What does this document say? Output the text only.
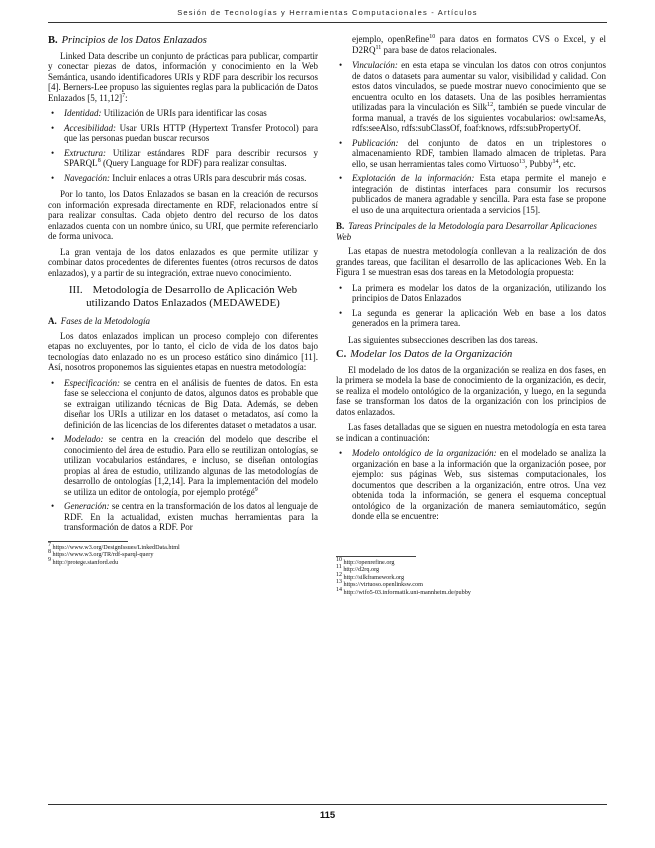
Sesión de Tecnologías y Herramientas Computacionales - Artículos
B. Principios de los Datos Enlazados

Linked Data describe un conjunto de prácticas para publicar, compartir y conectar piezas de datos, información y conocimiento en la Web Semántica, usando identificadores URIs y RDF para describir los recursos [4]. Berners-Lee propuso las siguientes reglas para la publicación de Datos Enlazados [5, 11,12]$^7$:

• Identidad: Utilización de URIs para identificar las cosas
• Accesibilidad: Usar URIs HTTP (Hypertext Transfer Protocol) para que las personas puedan buscar recursos
• Extructura: Utilizar estándares RDF para describir recursos y SPARQL$^8$ (Query Language for RDF) para realizar consultas.
• Navegación: Incluir enlaces a otras URIs para descubrir más cosas.

Por lo tanto, los Datos Enlazados se basan en la creación de recursos con información expresada directamente en RDF, relacionados entre sí para realizar consultas. Cada objeto dentro del recurso de los datos enlazados cuenta con un nombre único, su URI, que permite referenciarlo de forma univoca.

La gran ventaja de los datos enlazados es que permite utilizar y combinar datos procedentes de diferentes fuentes (otros recursos de datos enlazados), y a partir de su integración, extrae nuevo conocimiento.

III. Metodología de Desarrollo de Aplicación Web utilizando Datos Enlazados (MEDAWEDE)
A. Fases de la Metodología

Los datos enlazados implican un proceso complejo con diferentes etapas no excluyentes, por lo tanto, el ciclo de vida de los datos bajo tecnologías dato enlazado no es un proceso estático sino dinámico [11]. Así, nosotros proponemos las siguientes etapas en nuestra metodología:

• Especificación: se centra en el análisis de fuentes de datos. En esta fase se selecciona el conjunto de datos, algunos datos es probable que se extraigan utilizando técnicas de Big Data. Además, se deben diseñar los URIs a utilizar en los dataset o metadatos, así como la definición de las licencias de los diferentes dataset o metadatos a usar.
• Modelado: se centra en la creación del modelo que describe el conocimiento del área de estudio. Para ello se reutilizan ontologías, se utilizan vocabularios estándares, e incluso, se diseñan ontologías propias al área de estudio, utilizando algunas de las metodologías de desarrollo de ontologías [1,2,14]. Para la implementación del modelo se utiliza un editor de ontología, por ejemplo protégé$^9$
• Generación: se centra en la transformación de los datos al lenguaje de RDF. En la actualidad, existen muchas herramientas para la transformación de datos a RDF. Por
$^7$ https://www.w3.org/DesignIssues/LinkedData.html
$^8$ https://www.w3.org/TR/rdf-sparql-query
$^9$ http://protege.stanford.edu

ejemplo, openRefine$^{10}$ para datos en formatos CVS o Excel, y el D2RQ$^{11}$ para base de datos relacionales.

• Vinculación: en esta etapa se vinculan los datos con otros conjuntos de datos o datasets para aumentar su valor, visibilidad y calidad. Con estos datos vinculados, se puede mostrar nuevo conocimiento que se encuentra oculto en los datasets. Una de las posibles herramientas utilizadas para la vinculación es Silk$^{12}$, también se puede vincular de forma manual, a través de los siguientes vocabularios: owl:sameAs, rdfs:seeAlso, rdfs:subClassOf, foaf:knows, rdfs:subPropertyOf.
• Publicación: del conjunto de datos en un triplestores o almacenamiento RDF, tambien llamado almacen de tripletas. Para ello, se usan herramientas tales como Virtuoso$^{13}$, Pubby$^{14}$, etc.
• Explotación de la información: Esta etapa permite el manejo e integración de distintas interfaces para consumir los recursos publicados de manera agradable y sencilla. Para esta fase se propone el uso de una arquitectura orientada a servicios [15].
B. Tareas Principales de la Metodología para Desarrollar Aplicaciones Web

Las etapas de nuestra metodología conllevan a la realización de dos grandes tareas, que facilitan el desarrollo de las aplicaciones Web. En la Figura 1 se muestran esas dos tareas en la Metodología propuesta:

• La primera es modelar los datos de la organización, utilizando los principios de Datos Enlazados
• La segunda es generar la aplicación Web en base a los datos generados en la primera tarea.

Las siguientes subsecciones describen las dos tareas.

C. Modelar los Datos de la Organización

El modelado de los datos de la organización se realiza en dos fases, en la primera se modela la base de conocimiento de la organización, es decir, se realiza el modelo ontológico de la organización, y luego, en la segunda fase se transforman los datos de la organización con los principios de datos enlazados.

Las fases detalladas que se siguen en nuestra metodología en esta tarea se indican a continuación:

• Modelo ontológico de la organización: en el modelado se analiza la organización en base a la información que la organización posee, por ejemplo: sus páginas Web, sus sistemas computacionales, los documentos que describen a la organización, entre otros. Una vez obtenida toda la información, se genera el esquema conceptual ontológico de la organización de manera semiautomático, según donde ella se encuentre:
$^{10}$ http://openrefine.org
$^{11}$ http://d2rq.org
$^{12}$ http://silkframework.org
$^{13}$ https://virtuoso.openlinksw.com
$^{14}$ http://wifo5-03.informatik.uni-mannheim.de/pubby
115
